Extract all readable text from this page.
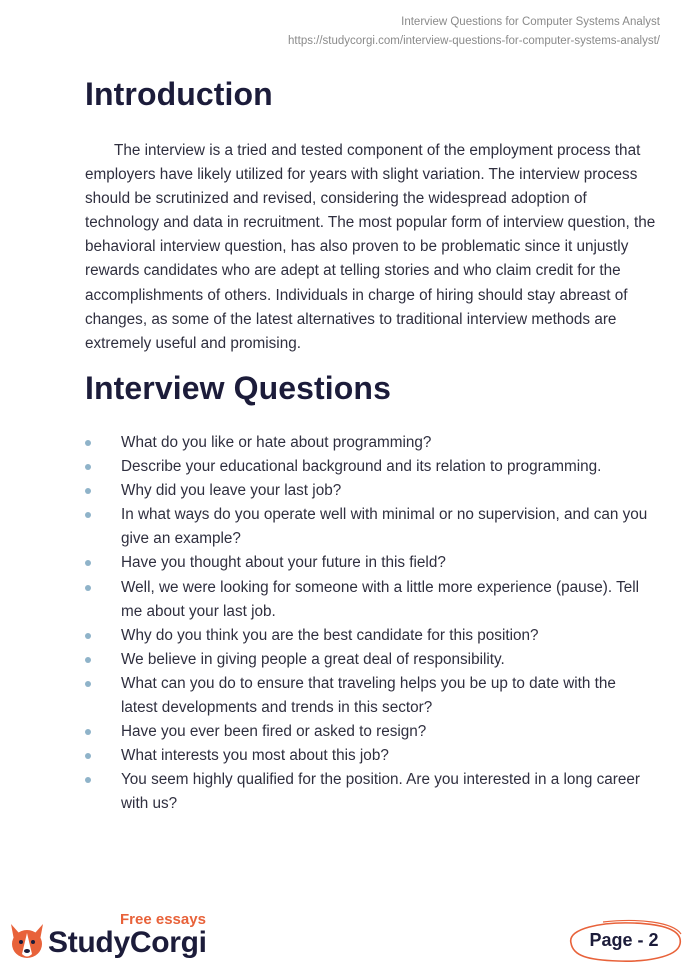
Interview Questions for Computer Systems Analyst
https://studycorgi.com/interview-questions-for-computer-systems-analyst/
Introduction

The interview is a tried and tested component of the employment process that employers have likely utilized for years with slight variation. The interview process should be scrutinized and revised, considering the widespread adoption of technology and data in recruitment. The most popular form of interview question, the behavioral interview question, has also proven to be problematic since it unjustly rewards candidates who are adept at telling stories and who claim credit for the accomplishments of others. Individuals in charge of hiring should stay abreast of changes, as some of the latest alternatives to traditional interview methods are extremely useful and promising.

Interview Questions
What do you like or hate about programming?
Describe your educational background and its relation to programming.
Why did you leave your last job?
In what ways do you operate well with minimal or no supervision, and can you give an example?
Have you thought about your future in this field?
Well, we were looking for someone with a little more experience (pause). Tell me about your last job.
Why do you think you are the best candidate for this position?
We believe in giving people a great deal of responsibility.
What can you do to ensure that traveling helps you be up to date with the latest developments and trends in this sector?
Have you ever been fired or asked to resign?
What interests you most about this job?
You seem highly qualified for the position. Are you interested in a long career with us?
Free essays
StudyCorgi	Page - 2
